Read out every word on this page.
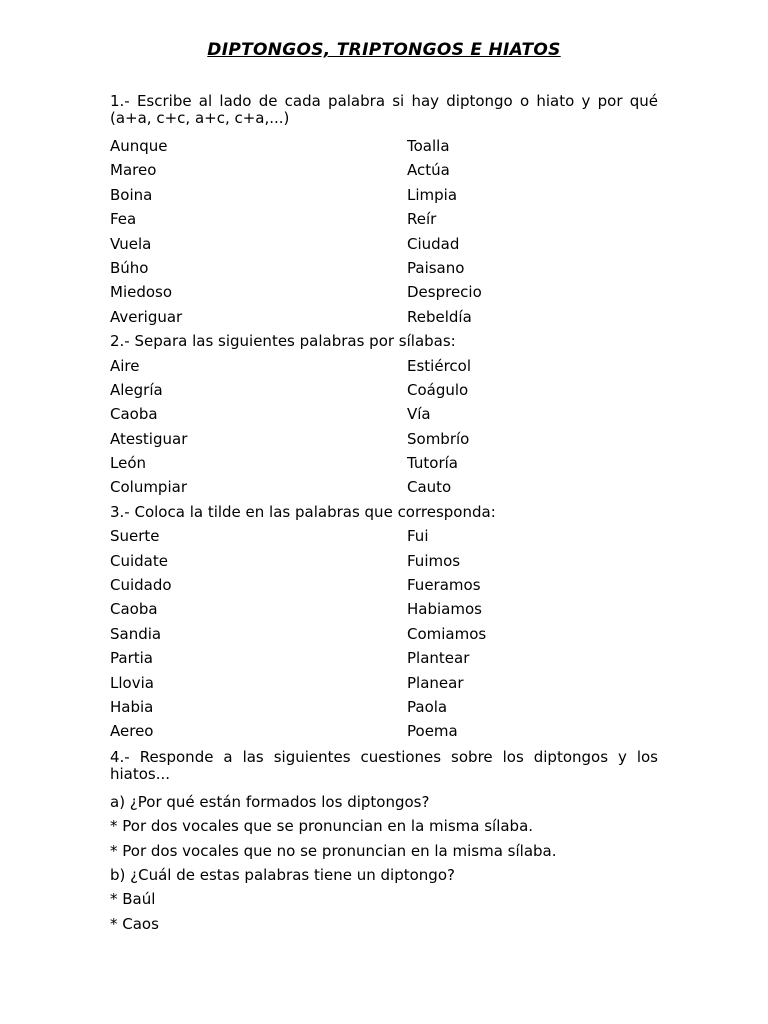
DIPTONGOS, TRIPTONGOS E HIATOS
1.- Escribe al lado de cada palabra si hay diptongo o hiato y por qué (a+a, c+c, a+c, c+a,...)
Aunque	Toalla
Mareo	Actúa
Boina	Limpia
Fea	Reír
Vuela	Ciudad
Búho	Paisano
Miedoso	Desprecio
Averiguar	Rebeldía
2.- Separa las siguientes palabras por sílabas:
Aire	Estiércol
Alegría	Coágulo
Caoba	Vía
Atestiguar	Sombrío
León	Tutoría
Columpiar	Cauto
3.- Coloca la tilde en las palabras que corresponda:
Suerte	Fui
Cuidate	Fuimos
Cuidado	Fueramos
Caoba	Habiamos
Sandia	Comiamos
Partia	Plantear
Llovia	Planear
Habia	Paola
Aereo	Poema
4.- Responde a las siguientes cuestiones sobre los diptongos y los hiatos...
a) ¿Por qué están formados los diptongos?
* Por dos vocales que se pronuncian en la misma sílaba.
* Por dos vocales que no se pronuncian en la misma sílaba.
b) ¿Cuál de estas palabras tiene un diptongo?
* Baúl
* Caos
